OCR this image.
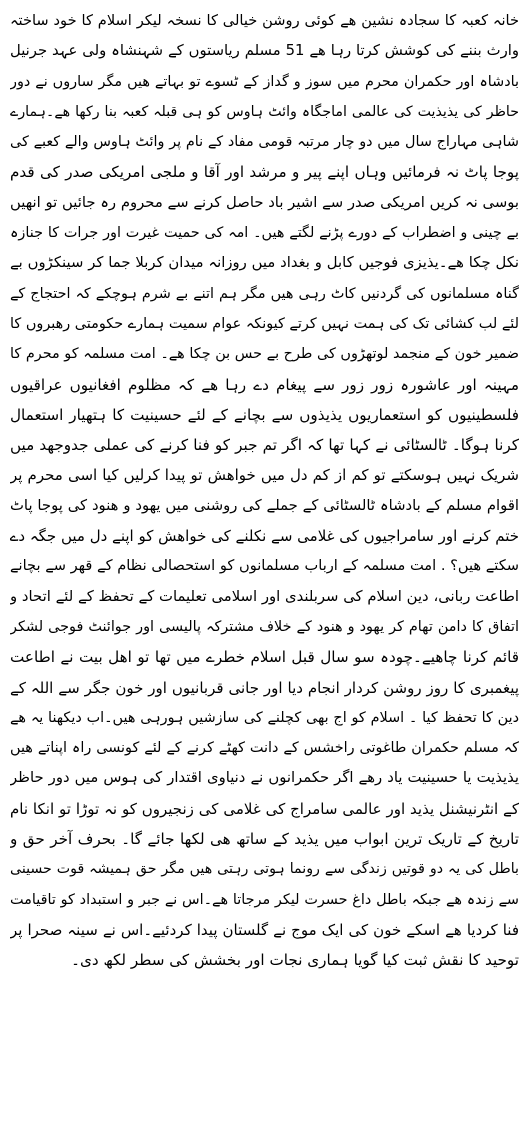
خانہ کعبہ کا سجادہ نشین ھے کوئی روشن خیالی کا نسخہ لیکر اسلام کا خود ساختہ
وارث بننے کی کوشش کرتا رہا ھے 51 مسلم ریاستوں کے شہنشاہ ولی عہد جرنیل
بادشاہ اور حکمران محرم میں سوز و گداز کے ٹسوے تو بہاتے ھیں مگر ساروں نے دور
حاظر کی یذیذیت کی عالمی اماجگاہ وائٹ ہاوس کو ہی قبلہ کعبہ بنا رکھا ھے۔ہمارے
شاہی مہاراج سال میں دو چار مرتبہ قومی مفاد کے نام پر وائٹ ہاوس والے کعبے کی
پوجا پاٹ نہ فرمائیں وہاں اپنے پیر و مرشد اور آقا و ملجی امریکی صدر کی قدم
بوسی نہ کریں امریکی صدر سے اشیر باد حاصل کرنے سے محروم رہ جائیں تو انھیں
بے چینی و اضطراب کے دورے پڑنے لگتے ھیں۔ امہ کی حمیت غیرت اور جرات کا جنازہ
نکل چکا ھے۔یذیزی فوجیں کابل و بغداد میں روزانہ میدان کربلا جما کر سینکڑوں بے
گناہ مسلمانوں کی گردنیں کاٹ رہی ھیں مگر ہم اتنے بے شرم ہوچکے کہ احتجاج کے
لئے لب کشائی تک کی ہمت نہیں کرتے کیونکہ عوام سمیت ہمارے حکومتی رھبروں کا
ضمیر خون کے منجمد لوتھڑوں کی طرح بے حس بن چکا ھے۔ امت مسلمہ کو محرم کا
مہینہ اور عاشورہ زور زور سے پیغام دے رہا ھے کہ مظلوم افغانیوں عراقیوں
فلسطینیوں کو استعماریوں یذیذوں سے بچانے کے لئے حسینیت کا ہتھیار استعمال
کرنا ہوگا۔ ٹالسٹائی نے کہا تھا کہ اگر تم جبر کو فنا کرنے کی عملی جدوجھد میں
شریک نہیں ہوسکتے تو کم از کم دل میں خواھش تو پیدا کرلیں کیا اسی محرم پر
اقوام مسلم کے بادشاہ ٹالسٹائی کے جملے کی روشنی میں یھود و ھنود کی پوجا پاٹ
ختم کرنے اور سامراجیوں کی غلامی سے نکلنے کی خواھش کو اپنے دل میں جگہ دے
سکتے ھیں؟ . امت مسلمہ کے ارباب مسلمانوں کو استحصالی نظام کے قھر سے بچانے
اطاعت ربانی، دین اسلام کی سربلندی اور اسلامی تعلیمات کے تحفظ کے لئے اتحاد و
اتفاق کا دامن تھام کر یھود و ھنود کے خلاف مشترکہ پالیسی اور جوائنٹ فوجی لشکر
قائم کرنا چاھیے۔چودہ سو سال قبل اسلام خطرے میں تھا تو اھل بیت نے اطاعت
پیغمبری کا روز روشن کردار انجام دیا اور جانی قربانیوں اور خون جگر سے اللہ کے
دین کا تحفظ کیا ۔ اسلام کو اج بھی کچلنے کی سازشیں ہورہی ھیں۔اب دیکھنا یہ ھے
کہ مسلم حکمران طاغوتی راخشس کے دانت کھٹے کرنے کے لئے کونسی راہ اپناتے ھیں
یذیذیت یا حسینیت یاد رھے اگر حکمرانوں نے دنیاوی اقتدار کی ہوس میں دور حاظر
کے انٹرنیشنل یذید اور عالمی سامراج کی غلامی کی زنجیروں کو نہ توڑا تو انکا نام
تاریخ کے تاریک ترین ابواب میں یذید کے ساتھ ھی لکھا جائے گا۔ بحرف آخر حق و
باطل کی یہ دو قوتیں زندگی سے رونما ہوتی رہتی ھیں مگر حق ہمیشہ قوت حسینی
سے زندہ ھے جبکہ باطل داغ حسرت لیکر مرجاتا ھے۔اس نے جبر و استبداد کو تاقیامت
فنا کردیا ھے اسکے خون کی ایک موج نے گلستان پیدا کردئیے۔اس نے سینہ صحرا پر
توحید کا نقش ثبت کیا گویا ہماری نجات اور بخشش کی سطر لکھ دی۔
